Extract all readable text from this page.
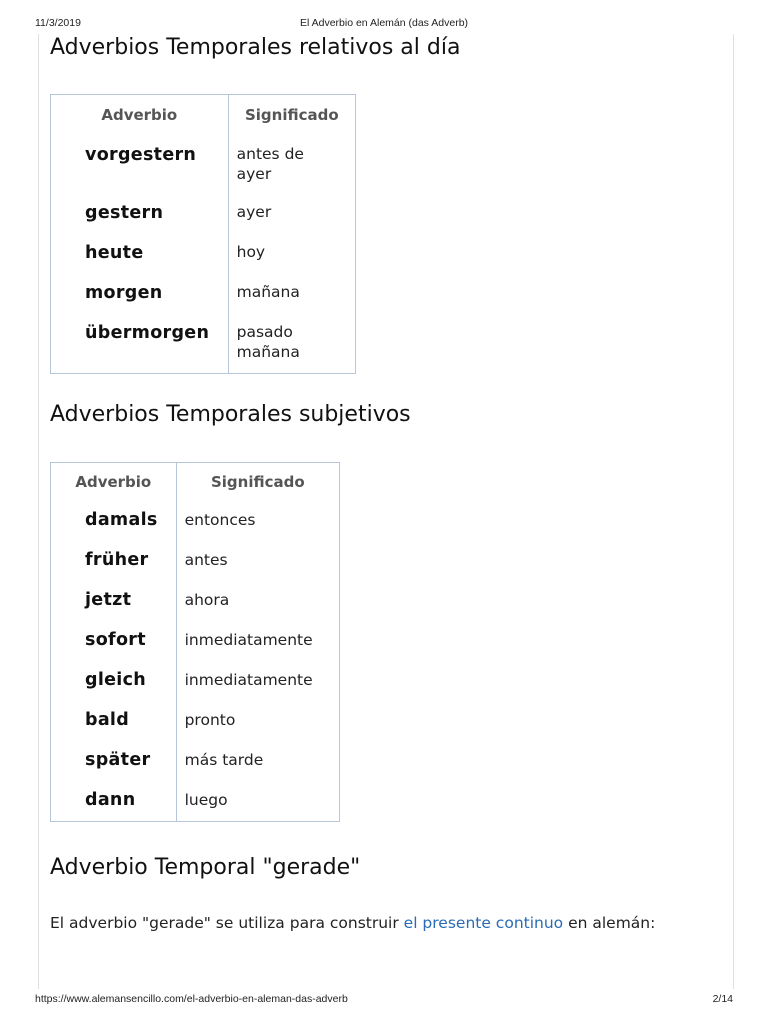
11/3/2019	El Adverbio en Alemán (das Adverb)
Adverbios Temporales relativos al día
Adverbio	Significado
vorgestern	antes de
ayer
gestern	ayer
heute	hoy
morgen	mañana
übermorgen	pasado
mañana
Adverbios Temporales subjetivos
Adverbio	Significado
damals	entonces
früher	antes
jetzt	ahora
sofort	inmediatamente
gleich	inmediatamente
bald	pronto
später	más tarde
dann	luego
Adverbio Temporal "gerade"

El adverbio "gerade" se utiliza para construir el presente continuo en alemán:

https://www.alemansencillo.com/el-adverbio-en-aleman-das-adverb	2/14
